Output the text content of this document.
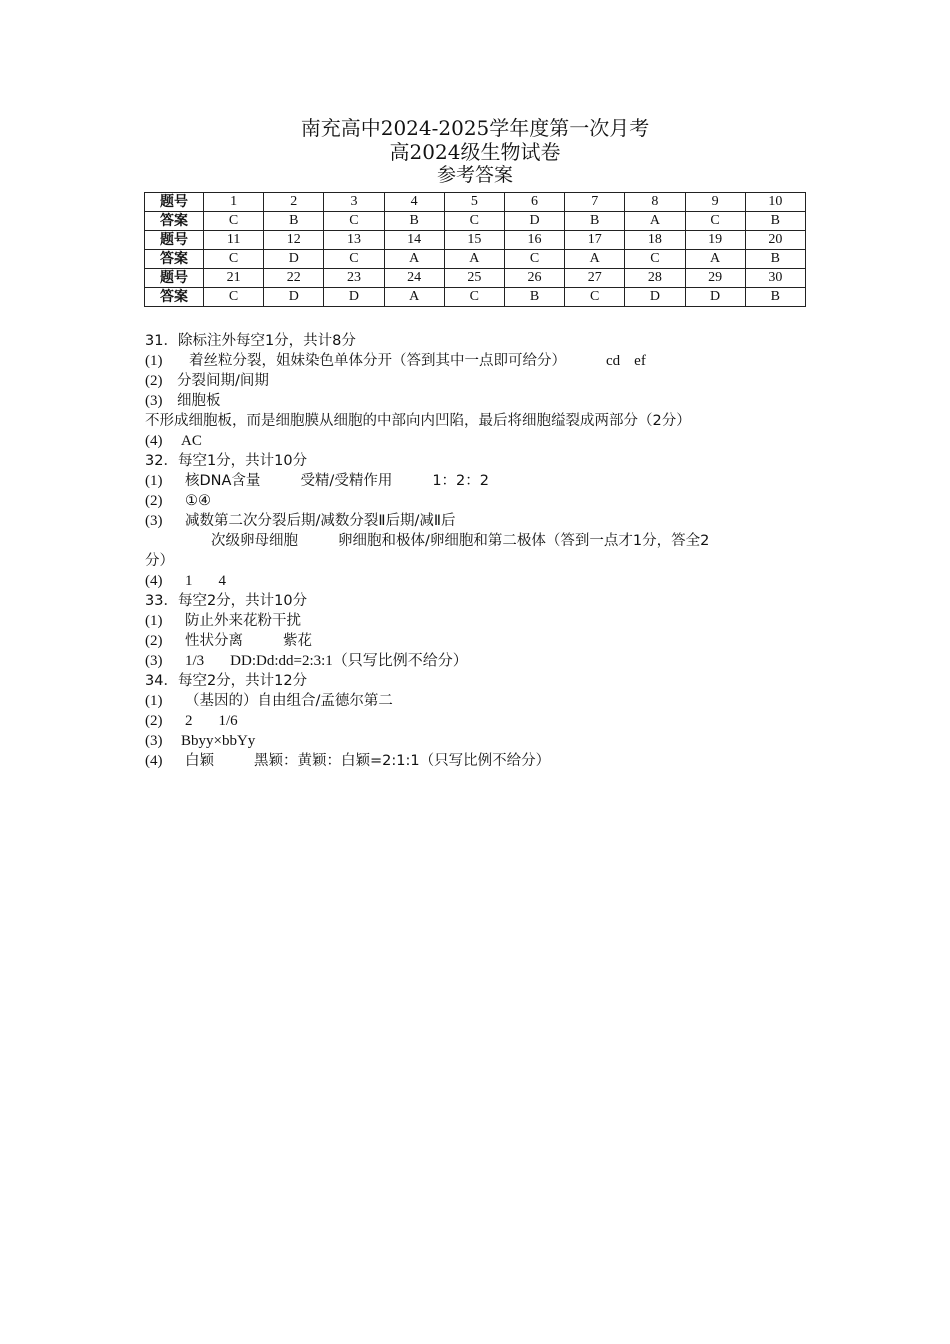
南充高中2024-2025学年度第一次月考
高2024级生物试卷
参考答案
题号	1	2	3	4	5	6	7	8	9	10
答案	C	B	C	B	C	D	B	A	C	B
题号	11	12	13	14	15	16	17	18	19	20
答案	C	D	C	A	A	C	A	C	A	B
题号	21	22	23	24	25	26	27	28	29	30
答案	C	D	D	A	C	B	C	D	D	B
31．除标注外每空1分，共计8分
(1) 着丝粒分裂，姐妹染色单体分开（答到其中一点即可给分）	cd ef
(2) 分裂间期/间期
(3) 细胞板
不形成细胞板，而是细胞膜从细胞的中部向内凹陷，最后将细胞缢裂成两部分（2分）
(4) AC
32．每空1分，共计10分
(1) 核DNA含量	受精/受精作用	1：2：2
(2) ①④
(3) 减数第二次分裂后期/减数分裂Ⅱ后期/减Ⅱ后
次级卵母细胞	卵细胞和极体/卵细胞和第二极体（答到一点才1分，答全2
分）
(4) 1 4
33．每空2分，共计10分
(1) 防止外来花粉干扰
(2) 性状分离	紫花
(3) 1/3 DD:Dd:dd=2:3:1（只写比例不给分）
34．每空2分，共计12分
(1) （基因的）自由组合/孟德尔第二
(2) 2 1/6
(3) Bbyy×bbYy
(4) 白颖	黑颖：黄颖：白颖=2:1:1（只写比例不给分）
